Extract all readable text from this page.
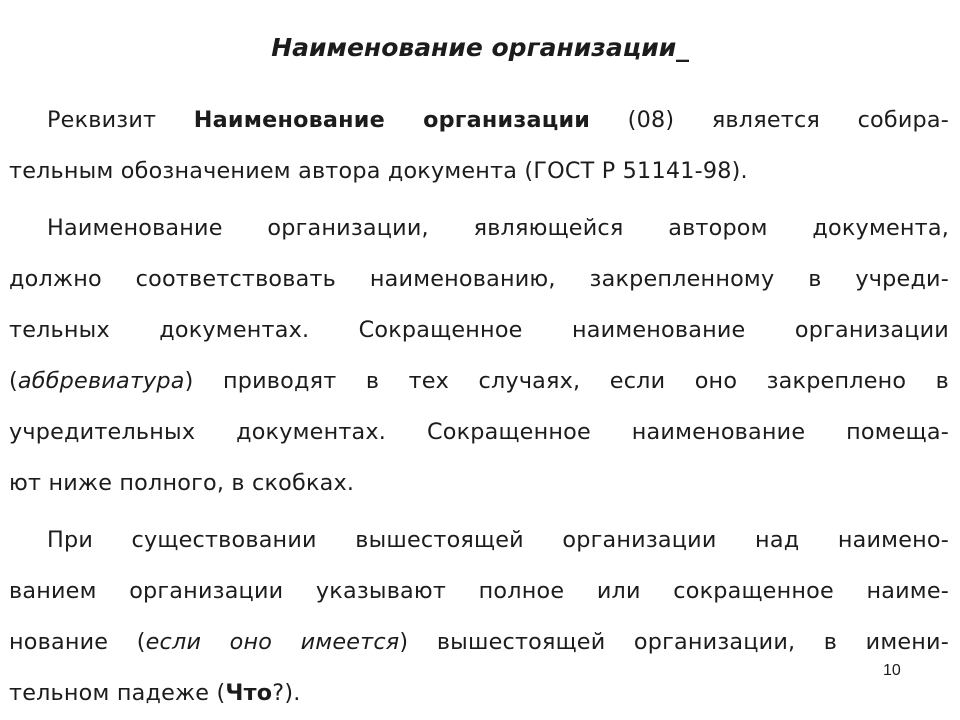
Наименование организации_
Реквизит Наименование организации (08) является собира-
тельным обозначением автора документа (ГОСТ Р 51141-98).
Наименование организации, являющейся автором документа,
должно соответствовать наименованию, закрепленному в учреди-
тельных документах. Сокращенное наименование организации
(аббревиатура) приводят в тех случаях, если оно закреплено в
учредительных документах. Сокращенное наименование помеща-
ют ниже полного, в скобках.
При существовании вышестоящей организации над наимено-
ванием организации указывают полное или сокращенное наиме-
нование (если оно имеется) вышестоящей организации, в имени-
тельном падеже (Что?).
10
